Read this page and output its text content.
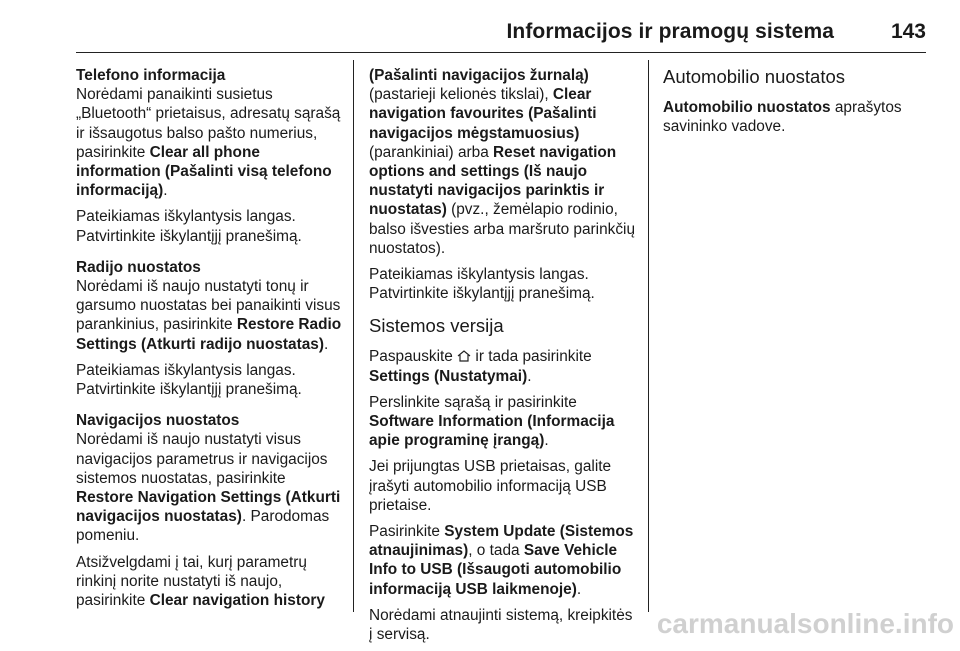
Informacijos ir pramogų sistema	143
Telefono informacija

Norėdami panaikinti susietus „Bluetooth“ prietaisus, adresatų sąrašą ir išsaugotus balso pašto numerius, pasirinkite Clear all phone information (Pašalinti visą telefono informaciją).

Pateikiamas iškylantysis langas. Patvirtinkite iškylantįjį pranešimą.

Radijo nuostatos

Norėdami iš naujo nustatyti tonų ir garsumo nuostatas bei panaikinti visus parankinius, pasirinkite Restore Radio Settings (Atkurti radijo nuostatas).

Pateikiamas iškylantysis langas. Patvirtinkite iškylantįjį pranešimą.

Navigacijos nuostatos

Norėdami iš naujo nustatyti visus navigacijos parametrus ir navigacijos sistemos nuostatas, pasirinkite Restore Navigation Settings (Atkurti navigacijos nuostatas). Parodomas pomeniu.

Atsižvelgdami į tai, kurį parametrų rinkinį norite nustatyti iš naujo, pasirinkite Clear navigation history

(Pašalinti navigacijos žurnalą) (pastarieji kelionės tikslai), Clear navigation favourites (Pašalinti navigacijos mėgstamuosius) (parankiniai) arba Reset navigation options and settings (Iš naujo nustatyti navigacijos parinktis ir nuostatas) (pvz., žemėlapio rodinio, balso išvesties arba maršruto parinkčių nuostatos).

Pateikiamas iškylantysis langas. Patvirtinkite iškylantįjį pranešimą.

Sistemos versija

Paspauskite  ir tada pasirinkite Settings (Nustatymai).

Perslinkite sąrašą ir pasirinkite Software Information (Informacija apie programinę įrangą).

Jei prijungtas USB prietaisas, galite įrašyti automobilio informaciją USB prietaise.

Pasirinkite System Update (Sistemos atnaujinimas), o tada Save Vehicle Info to USB (Išsaugoti automobilio informaciją USB laikmenoje).

Norėdami atnaujinti sistemą, kreipkitės į servisą.

Automobilio nuostatos

Automobilio nuostatos aprašytos savininko vadove.

carmanualsonline.info
